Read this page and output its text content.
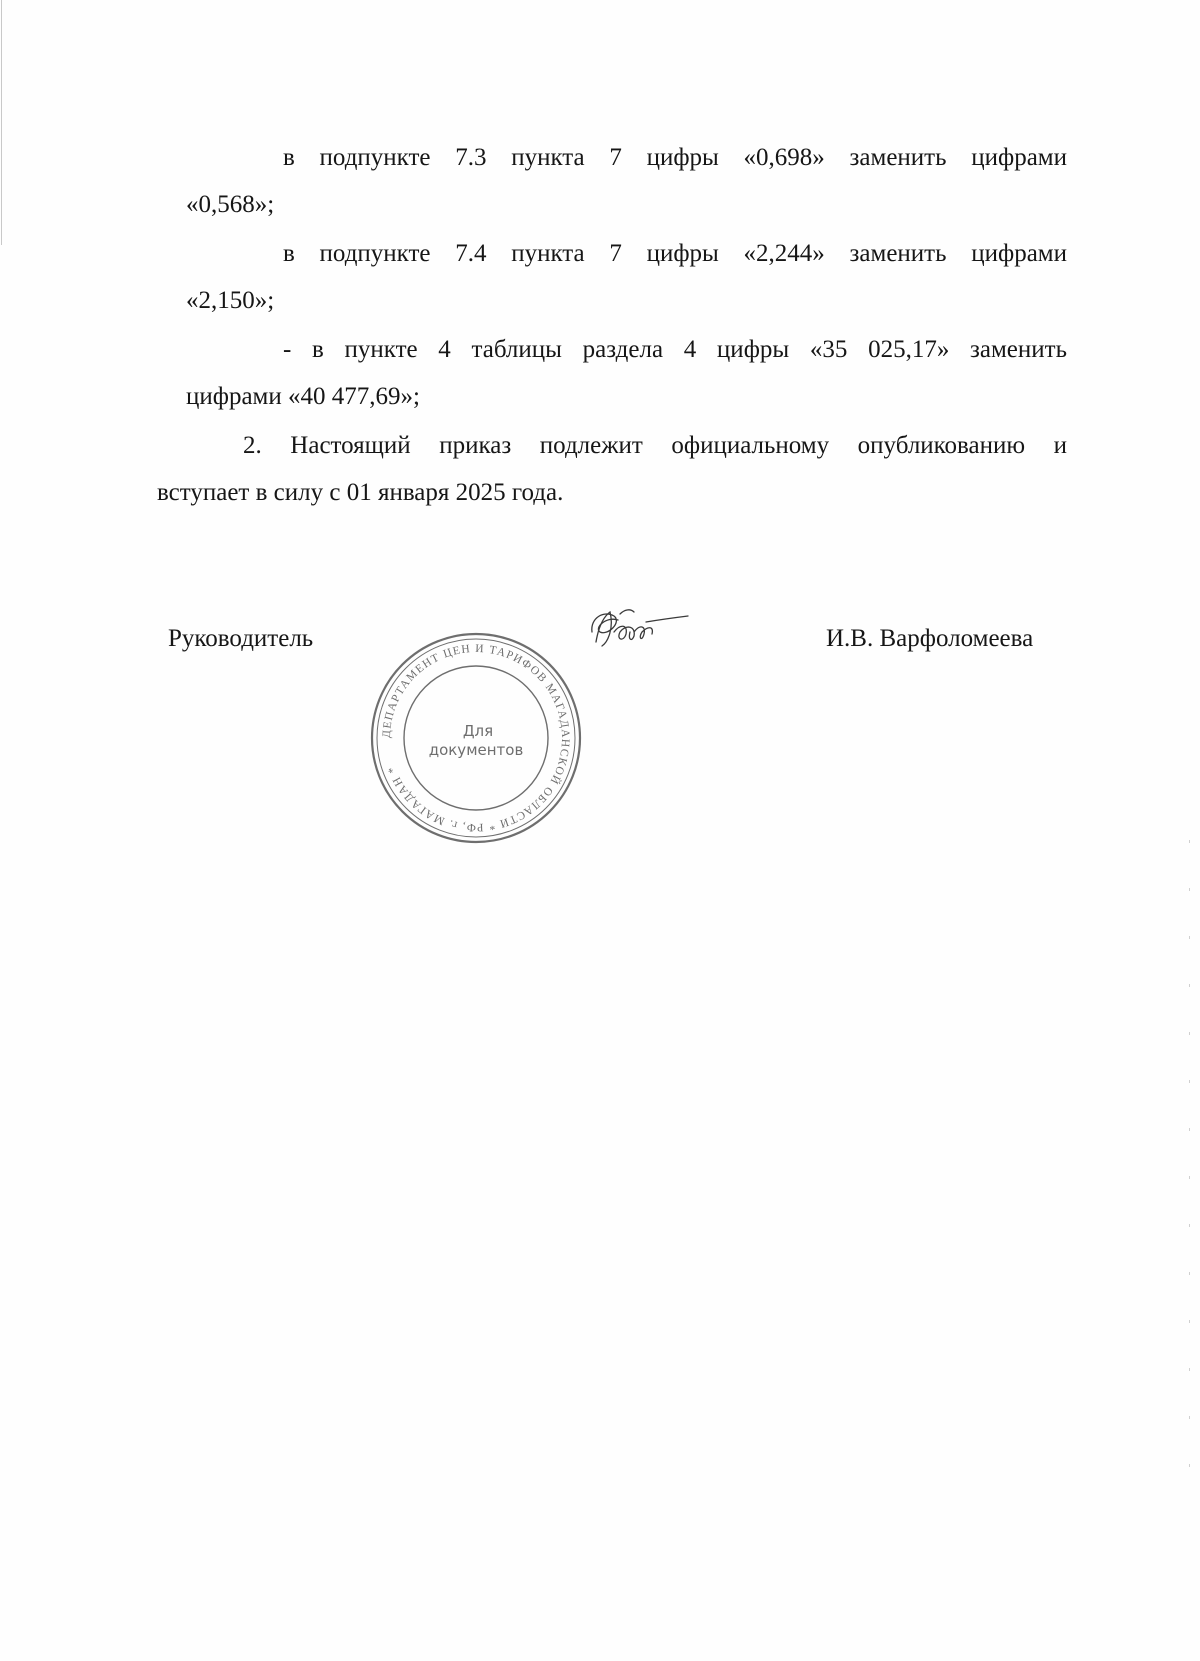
в подпункте 7.3 пункта 7 цифры «0,698» заменить цифрами
«0,568»;
в подпункте 7.4 пункта 7 цифры «2,244» заменить цифрами
«2,150»;
- в пункте 4 таблицы раздела 4 цифры «35 025,17» заменить
цифрами «40 477,69»;
2. Настоящий приказ подлежит официальному опубликованию и
вступает в силу с 01 января 2025 года.
Руководитель	И.В. Варфоломеева
ДЕПАРТАМЕНТ ЦЕН И ТАРИФОВ МАГАДАНСКОЙ ОБЛАСТИ * РФ, г. МАГАДАН *
Для
документов
